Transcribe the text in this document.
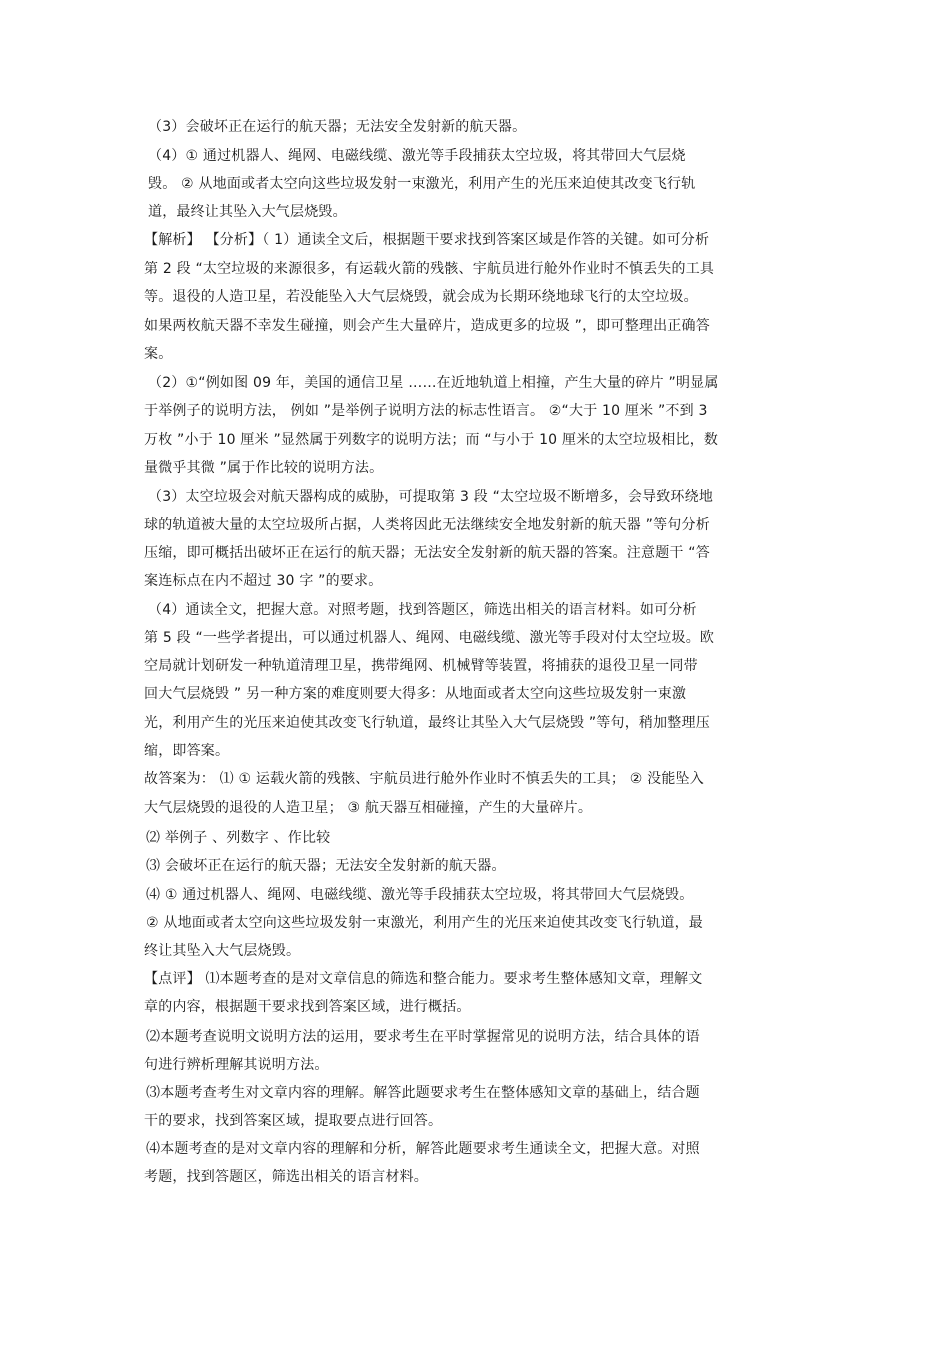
（3）会破坏正在运行的航天器；无法安全发射新的航天器。
（4）① 通过机器人、绳网、电磁线缆、激光等手段捕获太空垃圾，将其带回大气层烧
毁。 ② 从地面或者太空向这些垃圾发射一束激光，利用产生的光压来迫使其改变飞行轨
道，最终让其坠入大气层烧毁。
【解析】 【分析】（ 1）通读全文后，根据题干要求找到答案区域是作答的关键。如可分析
第 2 段 “太空垃圾的来源很多，有运载火箭的残骸、宇航员进行舱外作业时不慎丢失的工具
等。退役的人造卫星，若没能坠入大气层烧毁，就会成为长期环绕地球飞行的太空垃圾。
如果两枚航天器不幸发生碰撞，则会产生大量碎片，造成更多的垃圾 ”，即可整理出正确答
案。
（2）①“例如图 09 年，美国的通信卫星 ……在近地轨道上相撞，产生大量的碎片 ”明显属
于举例子的说明方法， 例如 ”是举例子说明方法的标志性语言。 ②“大于 10 厘米 ”不到 3
万枚 ”小于 10 厘米 ”显然属于列数字的说明方法；而 “与小于 10 厘米的太空垃圾相比，数
量微乎其微 ”属于作比较的说明方法。
（3）太空垃圾会对航天器构成的威胁，可提取第 3 段 “太空垃圾不断增多，会导致环绕地
球的轨道被大量的太空垃圾所占据，人类将因此无法继续安全地发射新的航天器 ”等句分析
压缩，即可概括出破坏正在运行的航天器；无法安全发射新的航天器的答案。注意题干 “答
案连标点在内不超过 30 字 ”的要求。
（4）通读全文，把握大意。对照考题，找到答题区，筛选出相关的语言材料。如可分析
第 5 段 “一些学者提出，可以通过机器人、绳网、电磁线缆、激光等手段对付太空垃圾。欧
空局就计划研发一种轨道清理卫星，携带绳网、机械臂等装置，将捕获的退役卫星一同带
回大气层烧毁 ” 另一种方案的难度则要大得多：从地面或者太空向这些垃圾发射一束激
光，利用产生的光压来迫使其改变飞行轨道，最终让其坠入大气层烧毁 ”等句，稍加整理压
缩，即答案。
故答案为： ⑴ ① 运载火箭的残骸、宇航员进行舱外作业时不慎丢失的工具； ② 没能坠入
大气层烧毁的退役的人造卫星； ③ 航天器互相碰撞，产生的大量碎片。
⑵ 举例子 、列数字 、作比较
⑶ 会破坏正在运行的航天器；无法安全发射新的航天器。
⑷ ① 通过机器人、绳网、电磁线缆、激光等手段捕获太空垃圾，将其带回大气层烧毁。
② 从地面或者太空向这些垃圾发射一束激光，利用产生的光压来迫使其改变飞行轨道，最
终让其坠入大气层烧毁。
【点评】 ⑴本题考查的是对文章信息的筛选和整合能力。要求考生整体感知文章，理解文
章的内容，根据题干要求找到答案区域，进行概括。
⑵本题考查说明文说明方法的运用，要求考生在平时掌握常见的说明方法，结合具体的语
句进行辨析理解其说明方法。
⑶本题考查考生对文章内容的理解。解答此题要求考生在整体感知文章的基础上，结合题
干的要求，找到答案区域，提取要点进行回答。
⑷本题考查的是对文章内容的理解和分析，解答此题要求考生通读全文，把握大意。对照
考题，找到答题区，筛选出相关的语言材料。
